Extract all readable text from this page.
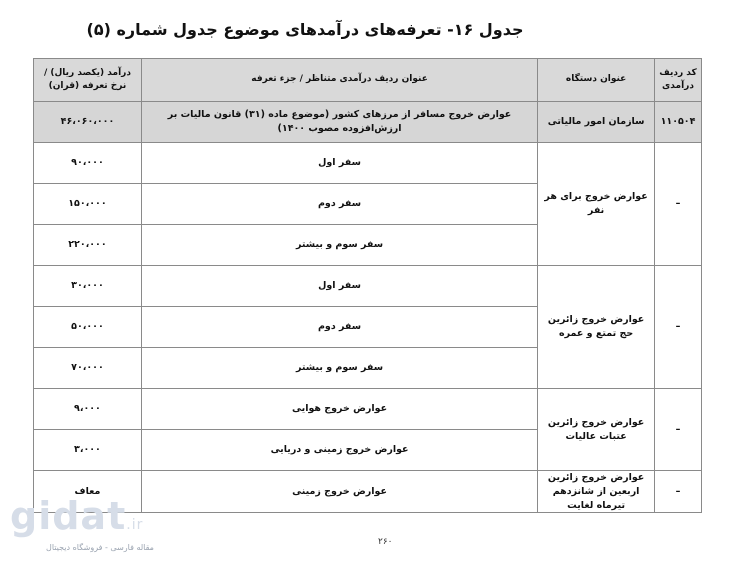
جدول ۱۶- تعرفه‌های درآمدهای موضوع جدول شماره (۵)
کد ردیف درآمدی	عنوان دستگاه	عنوان ردیف درآمدی متناظر / جزء تعرفه	درآمد (یکصد ریال) / نرخ تعرفه (قران)
۱۱۰۵۰۴	سازمان امور مالیاتی	عوارض خروج مسافر از مرزهای کشور (موضوع ماده (۳۱) قانون مالیات بر ارزش‌افزوده مصوب ۱۴۰۰)	۴۶،۰۶۰،۰۰۰
–	عوارض خروج برای هر نفر	سفر اول	۹۰،۰۰۰
		سفر دوم	۱۵۰،۰۰۰
		سفر سوم و بیشتر	۲۲۰،۰۰۰
–	عوارض خروج زائرین حج تمتع و عمره	سفر اول	۳۰،۰۰۰
		سفر دوم	۵۰،۰۰۰
		سفر سوم و بیشتر	۷۰،۰۰۰
–	عوارض خروج زائرین عتبات عالیات	عوارض خروج هوایی	۹،۰۰۰
		عوارض خروج زمینی و دریایی	۳،۰۰۰
–	عوارض خروج زائرین اربعین از شانزدهم تیرماه لغایت	عوارض خروج زمینی	معاف
۲۶۰
gidat.ir
مقاله فارسی - فروشگاه دیجیتال
